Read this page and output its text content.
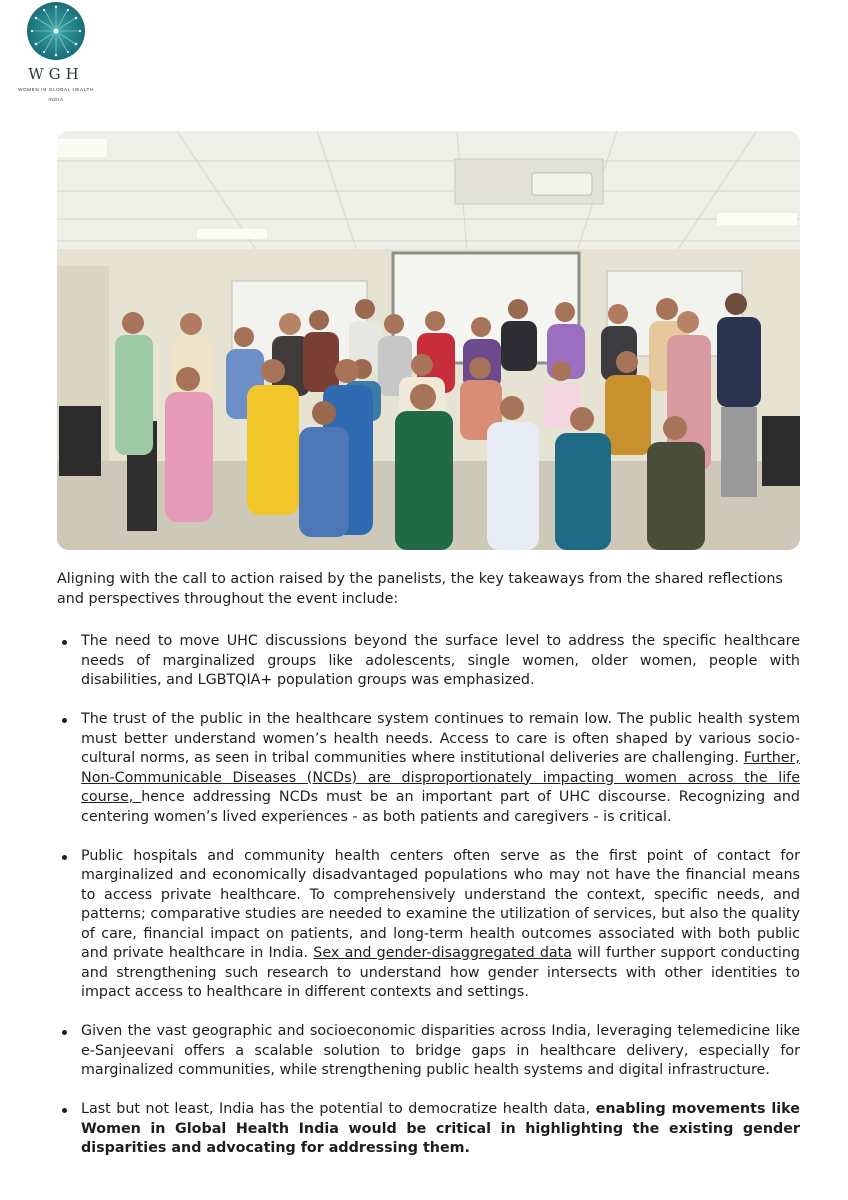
WGH
WOMEN IN GLOBAL HEALTH
INDIA

Aligning with the call to action raised by the panelists, the key takeaways from the shared reflections and perspectives throughout the event include:

The need to move UHC discussions beyond the surface level to address the specific healthcare needs of marginalized groups like adolescents, single women, older women, people with disabilities, and LGBTQIA+ population groups was emphasized.
The trust of the public in the healthcare system continues to remain low. The public health system must better understand women’s health needs. Access to care is often shaped by various socio-cultural norms, as seen in tribal communities where institutional deliveries are challenging. Further, Non-Communicable Diseases (NCDs) are disproportionately impacting women across the life course, hence addressing NCDs must be an important part of UHC discourse. Recognizing and centering women’s lived experiences - as both patients and caregivers - is critical.
Public hospitals and community health centers often serve as the first point of contact for marginalized and economically disadvantaged populations who may not have the financial means to access private healthcare. To comprehensively understand the context, specific needs, and patterns; comparative studies are needed to examine the utilization of services, but also the quality of care, financial impact on patients, and long-term health outcomes associated with both public and private healthcare in India. Sex and gender-disaggregated data will further support conducting and strengthening such research to understand how gender intersects with other identities to impact access to healthcare in different contexts and settings.
Given the vast geographic and socioeconomic disparities across India, leveraging telemedicine like e-Sanjeevani offers a scalable solution to bridge gaps in healthcare delivery, especially for marginalized communities, while strengthening public health systems and digital infrastructure.
Last but not least, India has the potential to democratize health data, enabling movements like Women in Global Health India would be critical in highlighting the existing gender disparities and advocating for addressing them.
